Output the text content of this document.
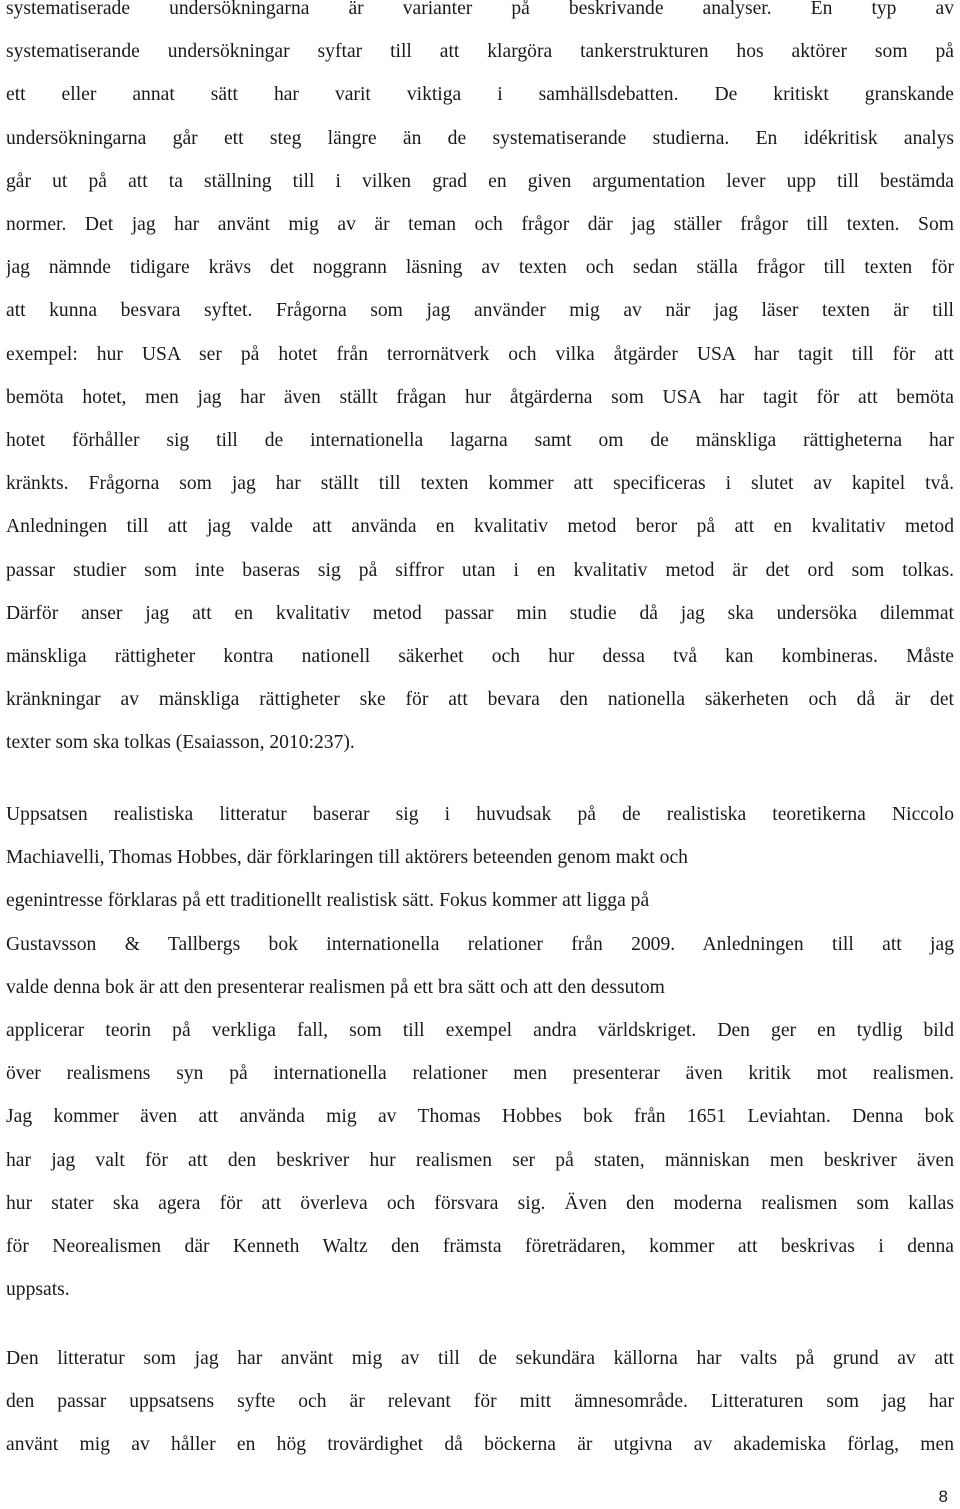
systematiserade undersökningarna är varianter på beskrivande analyser. En typ av
systematiserande undersökningar syftar till att klargöra tankerstrukturen hos aktörer som på
ett eller annat sätt har varit viktiga i samhällsdebatten. De kritiskt granskande
undersökningarna går ett steg längre än de systematiserande studierna. En idékritisk analys
går ut på att ta ställning till i vilken grad en given argumentation lever upp till bestämda
normer. Det jag har använt mig av är teman och frågor där jag ställer frågor till texten. Som
jag nämnde tidigare krävs det noggrann läsning av texten och sedan ställa frågor till texten för
att kunna besvara syftet. Frågorna som jag använder mig av när jag läser texten är till
exempel: hur USA ser på hotet från terrornätverk och vilka åtgärder USA har tagit till för att
bemöta hotet, men jag har även ställt frågan hur åtgärderna som USA har tagit för att bemöta
hotet förhåller sig till de internationella lagarna samt om de mänskliga rättigheterna har
kränkts. Frågorna som jag har ställt till texten kommer att specificeras i slutet av kapitel två.
Anledningen till att jag valde att använda en kvalitativ metod beror på att en kvalitativ metod
passar studier som inte baseras sig på siffror utan i en kvalitativ metod är det ord som tolkas.
Därför anser jag att en kvalitativ metod passar min studie då jag ska undersöka dilemmat
mänskliga rättigheter kontra nationell säkerhet och hur dessa två kan kombineras. Måste
kränkningar av mänskliga rättigheter ske för att bevara den nationella säkerheten och då är det
texter som ska tolkas (Esaiasson, 2010:237).
Uppsatsen realistiska litteratur baserar sig i huvudsak på de realistiska teoretikerna Niccolo
Machiavelli, Thomas Hobbes, där förklaringen till aktörers beteenden genom makt och
egenintresse förklaras på ett traditionellt realistisk sätt. Fokus kommer att ligga på
Gustavsson & Tallbergs bok internationella relationer från 2009. Anledningen till att jag
valde denna bok är att den presenterar realismen på ett bra sätt och att den dessutom
applicerar teorin på verkliga fall, som till exempel andra världskriget. Den ger en tydlig bild
över realismens syn på internationella relationer men presenterar även kritik mot realismen.
Jag kommer även att använda mig av Thomas Hobbes bok från 1651 Leviahtan. Denna bok
har jag valt för att den beskriver hur realismen ser på staten, människan men beskriver även
hur stater ska agera för att överleva och försvara sig. Även den moderna realismen som kallas
för Neorealismen där Kenneth Waltz den främsta företrädaren, kommer att beskrivas i denna
uppsats.
Den litteratur som jag har använt mig av till de sekundära källorna har valts på grund av att
den passar uppsatsens syfte och är relevant för mitt ämnesområde. Litteraturen som jag har
använt mig av håller en hög trovärdighet då böckerna är utgivna av akademiska förlag, men
8
